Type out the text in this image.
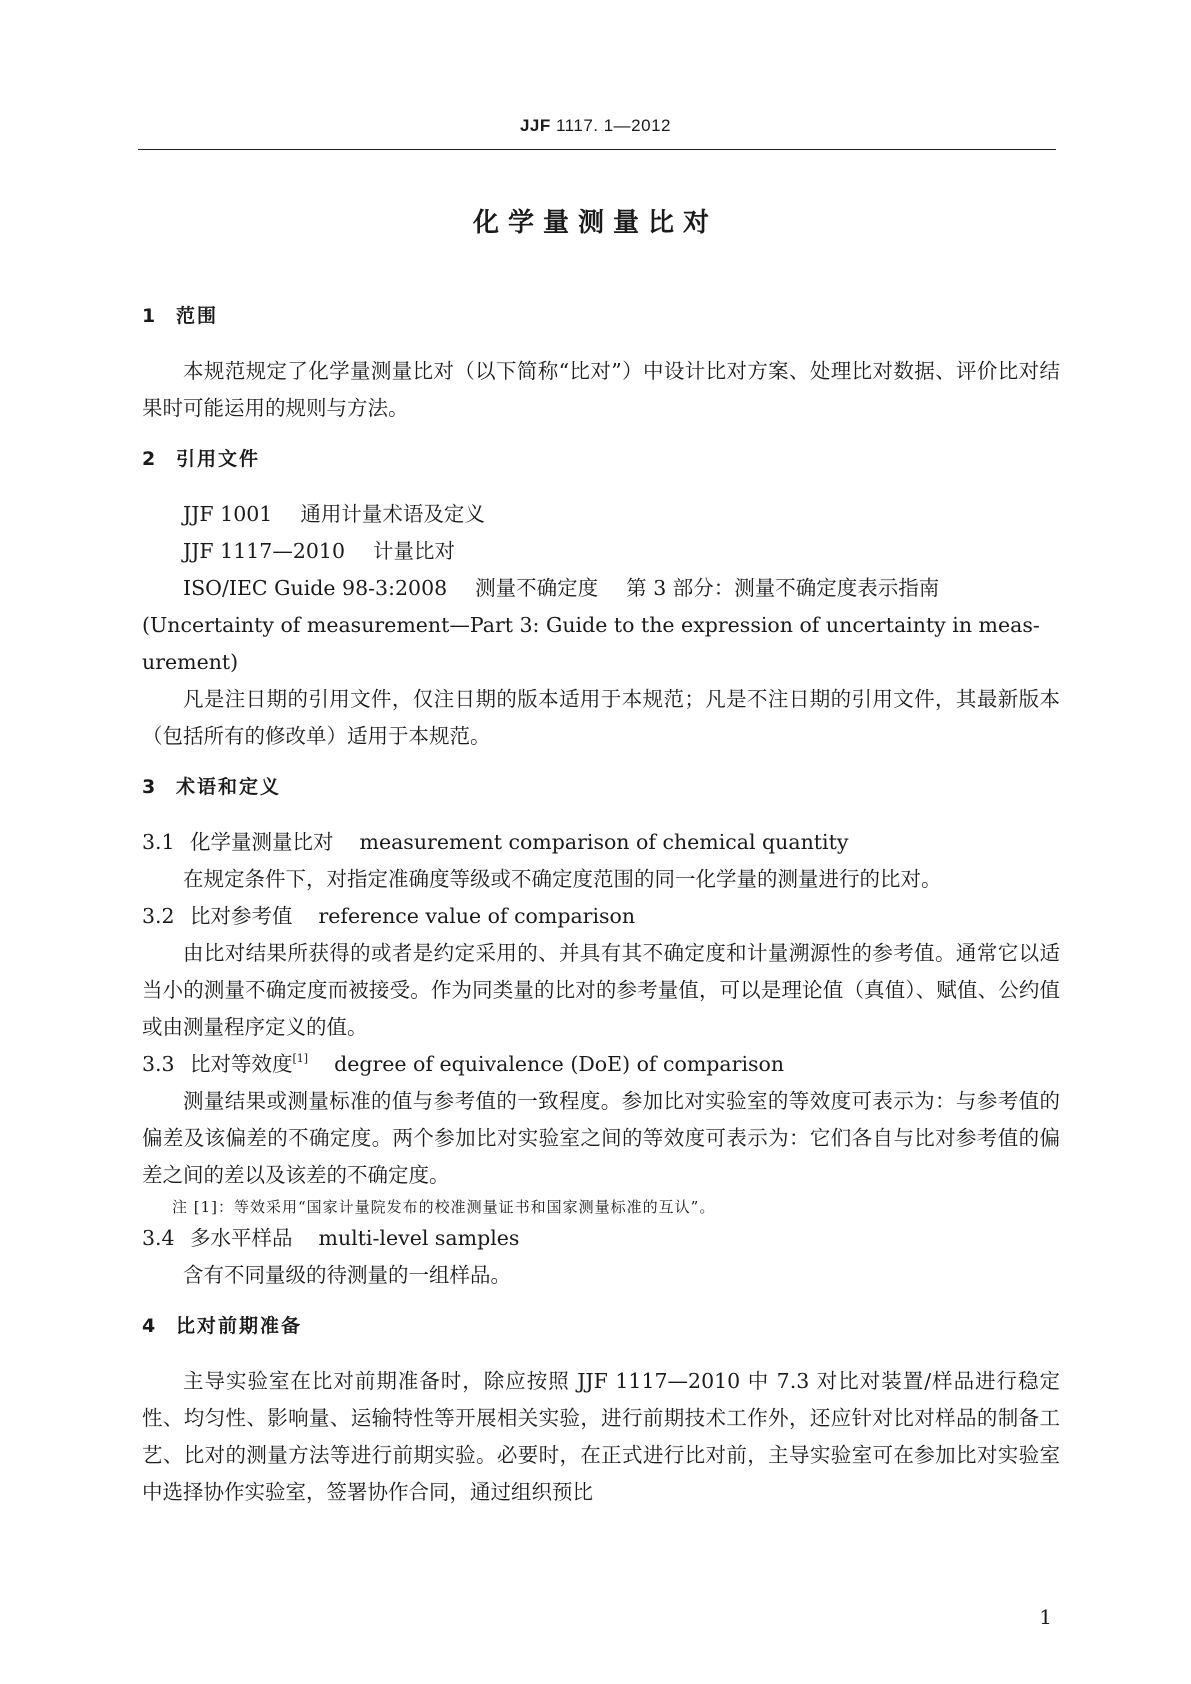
JJF 1117. 1—2012
化学量测量比对
1 范围

本规范规定了化学量测量比对（以下简称“比对”）中设计比对方案、处理比对数据、评价比对结果时可能运用的规则与方法。

2 引用文件

JJF 1001 通用计量术语及定义

JJF 1117—2010 计量比对

ISO/IEC Guide 98-3:2008 测量不确定度 第 3 部分：测量不确定度表示指南

(Uncertainty of measurement—Part 3: Guide to the expression of uncertainty in meas-

urement)

凡是注日期的引用文件，仅注日期的版本适用于本规范；凡是不注日期的引用文件，其最新版本（包括所有的修改单）适用于本规范。

3 术语和定义

3.1 化学量测量比对 measurement comparison of chemical quantity

在规定条件下，对指定准确度等级或不确定度范围的同一化学量的测量进行的比对。

3.2 比对参考值 reference value of comparison

由比对结果所获得的或者是约定采用的、并具有其不确定度和计量溯源性的参考值。通常它以适当小的测量不确定度而被接受。作为同类量的比对的参考量值，可以是理论值（真值）、赋值、公约值或由测量程序定义的值。

3.3 比对等效度[1] degree of equivalence (DoE) of comparison

测量结果或测量标准的值与参考值的一致程度。参加比对实验室的等效度可表示为：与参考值的偏差及该偏差的不确定度。两个参加比对实验室之间的等效度可表示为：它们各自与比对参考值的偏差之间的差以及该差的不确定度。

注 [1]：等效采用“国家计量院发布的校准测量证书和国家测量标准的互认”。

3.4 多水平样品 multi-level samples

含有不同量级的待测量的一组样品。

4 比对前期准备

主导实验室在比对前期准备时，除应按照 JJF 1117—2010 中 7.3 对比对装置/样品进行稳定性、均匀性、影响量、运输特性等开展相关实验，进行前期技术工作外，还应针对比对样品的制备工艺、比对的测量方法等进行前期实验。必要时，在正式进行比对前，主导实验室可在参加比对实验室中选择协作实验室，签署协作合同，通过组织预比

1
